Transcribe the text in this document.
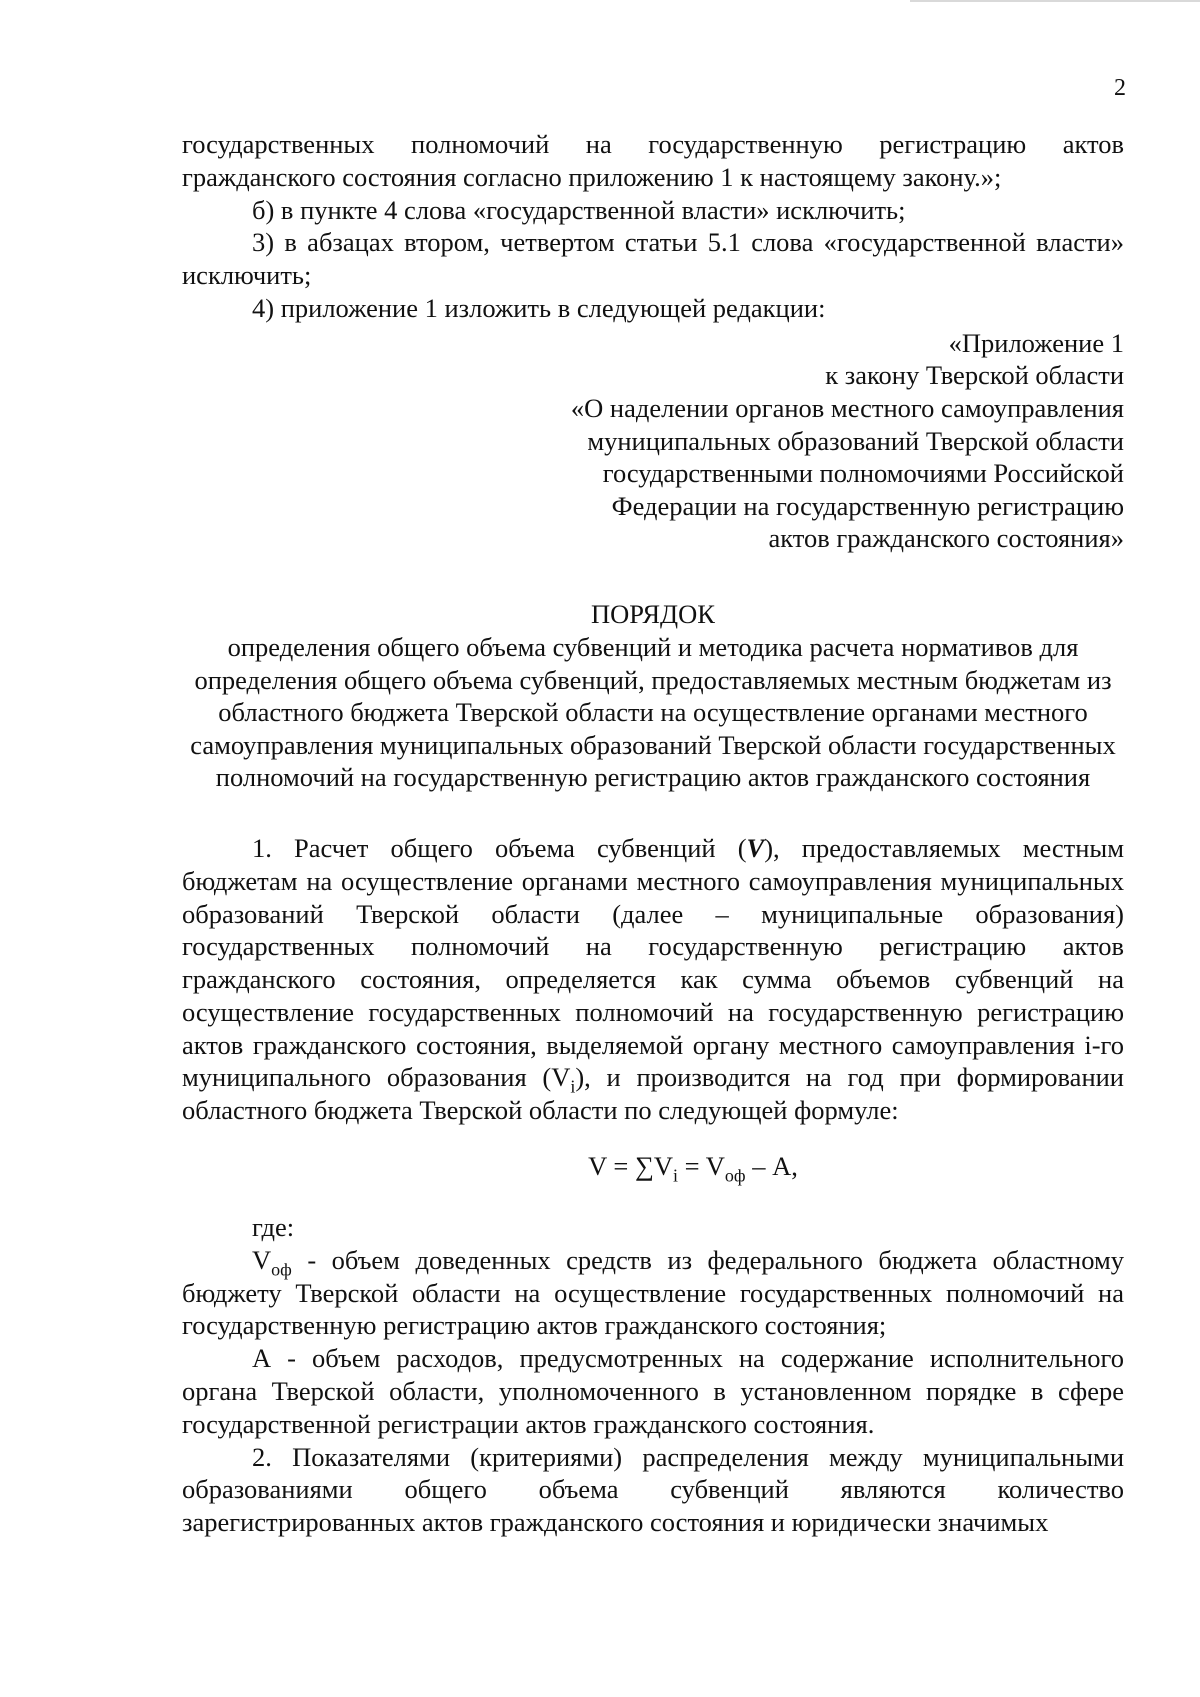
2

государственных полномочий на государственную регистрацию актов гражданского состояния согласно приложению 1 к настоящему закону.»;

б) в пункте 4 слова «государственной власти» исключить;

3) в абзацах втором, четвертом статьи 5.1 слова «государственной власти» исключить;

4) приложение 1 изложить в следующей редакции:

«Приложение 1
к закону Тверской области
«О наделении органов местного самоуправления
муниципальных образований Тверской области
государственными полномочиями Российской
Федерации на государственную регистрацию
актов гражданского состояния»
ПОРЯДОК
определения общего объема субвенций и методика расчета нормативов для определения общего объема субвенций, предоставляемых местным бюджетам из областного бюджета Тверской области на осуществление органами местного самоуправления муниципальных образований Тверской области государственных полномочий на государственную регистрацию актов гражданского состояния

1. Расчет общего объема субвенций (V), предоставляемых местным бюджетам на осуществление органами местного самоуправления муниципальных образований Тверской области (далее – муниципальные образования) государственных полномочий на государственную регистрацию актов гражданского состояния, определяется как сумма объемов субвенций на осуществление государственных полномочий на государственную регистрацию актов гражданского состояния, выделяемой органу местного самоуправления i-го муниципального образования $(V_i)$, и производится на год при формировании областного бюджета Тверской области по следующей формуле:

$V = \sum V_i = V_{оф} - A$,

где:

$V_{оф}$ - объем доведенных средств из федерального бюджета областному бюджету Тверской области на осуществление государственных полномочий на государственную регистрацию актов гражданского состояния;

А - объем расходов, предусмотренных на содержание исполнительного органа Тверской области, уполномоченного в установленном порядке в сфере государственной регистрации актов гражданского состояния.

2. Показателями (критериями) распределения между муниципальными образованиями общего объема субвенций являются количество зарегистрированных актов гражданского состояния и юридически значимых
